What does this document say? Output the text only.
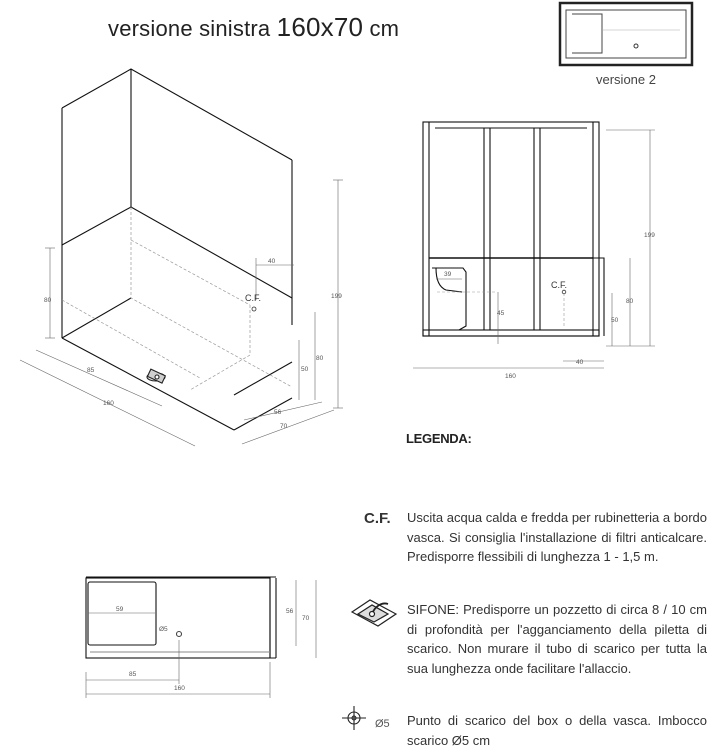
versione sinistra 160x70 cm
40
80
199
80
50
85
160
56
70
C.F.
199
39
45
80
50
40
160
C.F.
59	56
70
85
160
Ø5
Ø5
versione 2
LEGENDA:
C.F. Uscita acqua calda e fredda per rubinetteria a bordo vasca. Si consiglia l'installazione di filtri anticalcare. Predisporre flessibili di lunghezza 1 - 1,5 m.
SIFONE: Predisporre un pozzetto di circa 8 / 10 cm di profondità per l'agganciamento della piletta di scarico. Non murare il tubo di scarico per tutta la sua lunghezza onde facilitare l'allaccio.
Punto di scarico del box o della vasca. Imbocco scarico Ø5 cm
